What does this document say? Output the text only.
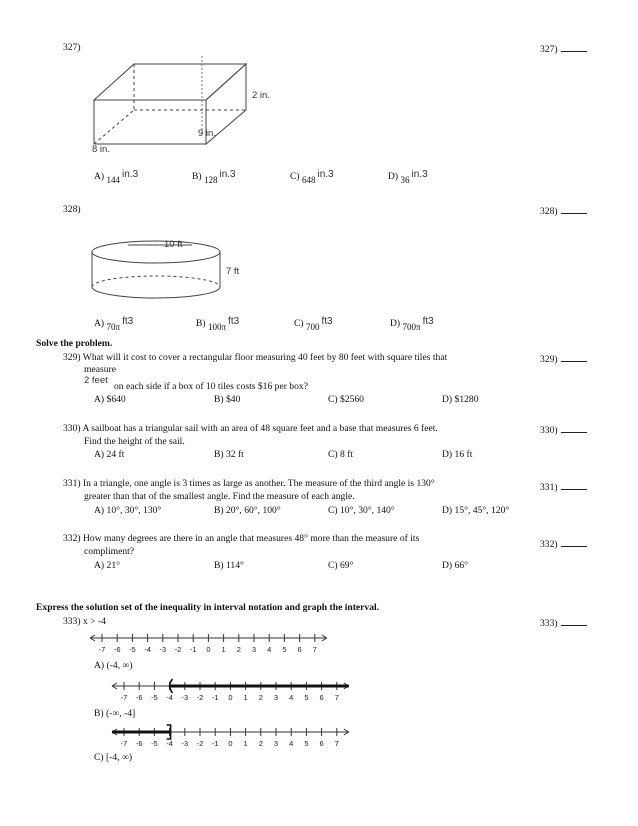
327)	327)
2 in.
9 in.
8 in.
A) 144 in.3	B) 128 in.3	C) 648 in.3	D) 36 in.3
328)	328)
10 ft
7 ft
A) 70π ft3	B) 100π ft3	C) 700 ft3	D) 700π ft3
Solve the problem.
329) What will it cost to cover a rectangular floor measuring 40 feet by 80 feet with square tiles that	329)
measure
2 feet
on each side if a box of 10 tiles costs $16 per box?
A) $640	B) $40	C) $2560	D) $1280
330) A sailboat has a triangular sail with an area of 48 square feet and a base that measures 6 feet.	330)
Find the height of the sail.
A) 24 ft	B) 32 ft	C) 8 ft	D) 16 ft
331) In a triangle, one angle is 3 times as large as another. The measure of the third angle is 130°	331)
greater than that of the smallest angle. Find the measure of each angle.
A) 10°, 30°, 130°	B) 20°, 60°, 100°	C) 10°, 30°, 140°	D) 15°, 45°, 120°
332) How many degrees are there in an angle that measures 48° more than the measure of its
332)
compliment?
A) 21°	B) 114°	C) 69°	D) 66°
Express the solution set of the inequality in interval notation and graph the interval.
333) x > -4	333)
-7 -6 -5 -4 -3 -2 -1 0 1 2 3 4 5 6 7
A) (-4, ∞)
-7 -6 -5 -4 -3 -2 -1 0 1 2 3 4 5 6 7
B) (-∞, -4]
-7 -6 -5 -4 -3 -2 -1 0 1 2 3 4 5 6 7
C) [-4, ∞)
